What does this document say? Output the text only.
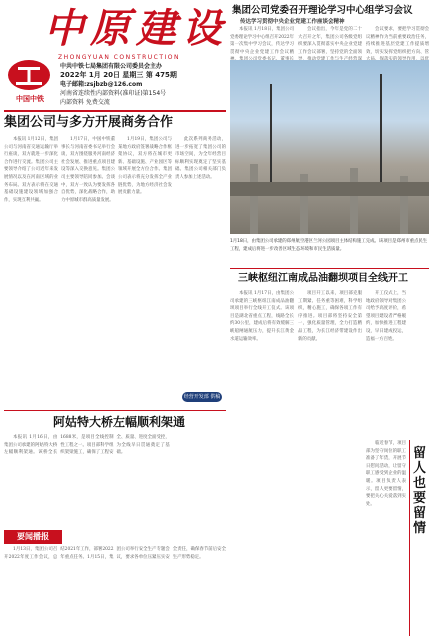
中原建设
ZHONGYUAN CONSTRUCTION
中国中铁
中共中铁七局集团有限公司委员会主办
2022年 1月 20日 星期三 第 475期
电子邮箱:zsjbzb@126.com
河南省连续性内部资料(准印证)第154号
内部资料 免费交流
集团公司党委召开理论学习中心组学习会议
传达学习贯彻中央企业党建工作座谈会精神

本报讯 1月18日，集团公司党委理论学习中心组召开2022年第一次集中学习会议，传达学习贯彻中央企业党建工作会议精

会议指出，今年是党的二十大召开之年，集团公司各级党组织要深入贯彻落实中央企业党建工作会议部署，坚持党的全面领

会议要求，要把学习贯彻会议精神作为当前重要政治任务，持续推进基层党建工作提质增效，切实发挥党组织把方向、管

1月18日，由集团公司承建的郑州航空港区兰河公园项目主体结构施工完成。该项目是郑州市重点民生工程，建成后将进一步改善区域生态环境和市民生活质量。
集团公司与多方开展商务合作

本报讯 1月12日，集团公司与河南省交通运输厅举行座谈，双方就进一步深化合作进行交流。集团公司主要领导介绍了公司近年来发展情况以及在河南区域的业务布局。双方表示将在交通基础设施建设领域加强合作，实现互利共赢。

1月17日，中国中铁董事长与河南省委书记举行会谈，双方围绕服务河南经济社会发展、推进重点项目建设等深入交换意见。集团公司主要领导陪同参加。会谈中，双方一致认为要发挥各自优势，深化战略合作，助力中原城市群高质量发展。

1月19日，集团公司与某地方政府签署战略合作框架协议，双方将在城市更新、基础设施、产业园区等领域开展全方位合作。集团公司表示将充分发挥全产业链优势，为地方经济社会发展贡献力量。

此次系列商务活动，进一步拓宽了集团公司的市场空间，为全年经营目标顺利实现奠定了坚实基础。集团公司相关部门负责人参加上述活动。

经营开发部 供稿
三峡枢纽江南成品油翻坝项目全线开工

本报讯 1月17日，由集团公司承建的三峡枢纽江南成品油翻坝项目举行全线开工仪式。该项目是湖北省重点工程，线路全长约30公里，建成后将有效缓解三峡船闸通航压力，提升长江黄金水道运输效率。

项目开工以来，项目部克服工期紧、任务重等困难，科学组织，精心施工，确保各项工作有序推进。项目部将坚持安全第一，强化质量管理，全力打造精品工程，为长江经济带建设作出新的贡献。

开工仪式上，当地政府领导对集团公司给予高度评价，希望项目建设者严格履约，加快推进工程建设，早日建成投运，造福一方百姓。

留人也要留情
阿姑特大桥左幅顺利架通

本报讯 1月16日，由集团公司承建的阿姑特大桥左幅顺利架通。该桥全长1688米，是项目全线控制性工程之一。项目部科学组织架梁施工，确保了工程安全、质量、进度全面受控，为全线早日贯通奠定了基础。

要闻播报

1月13日，集团公司召开2022年度工作会议，总结2021年工作，部署2022年重点任务。1月15日，集团公司举行安全生产专题会议，要求各单位压紧压实安全责任，确保春节前后安全生产形势稳定。

临近春节，项目部为坚守岗位的职工准备了年货，开展节日慰问活动，让留守职工感受到企业的温暖。项目负责人表示，留人更要留情，要把关心关爱落到实处。
